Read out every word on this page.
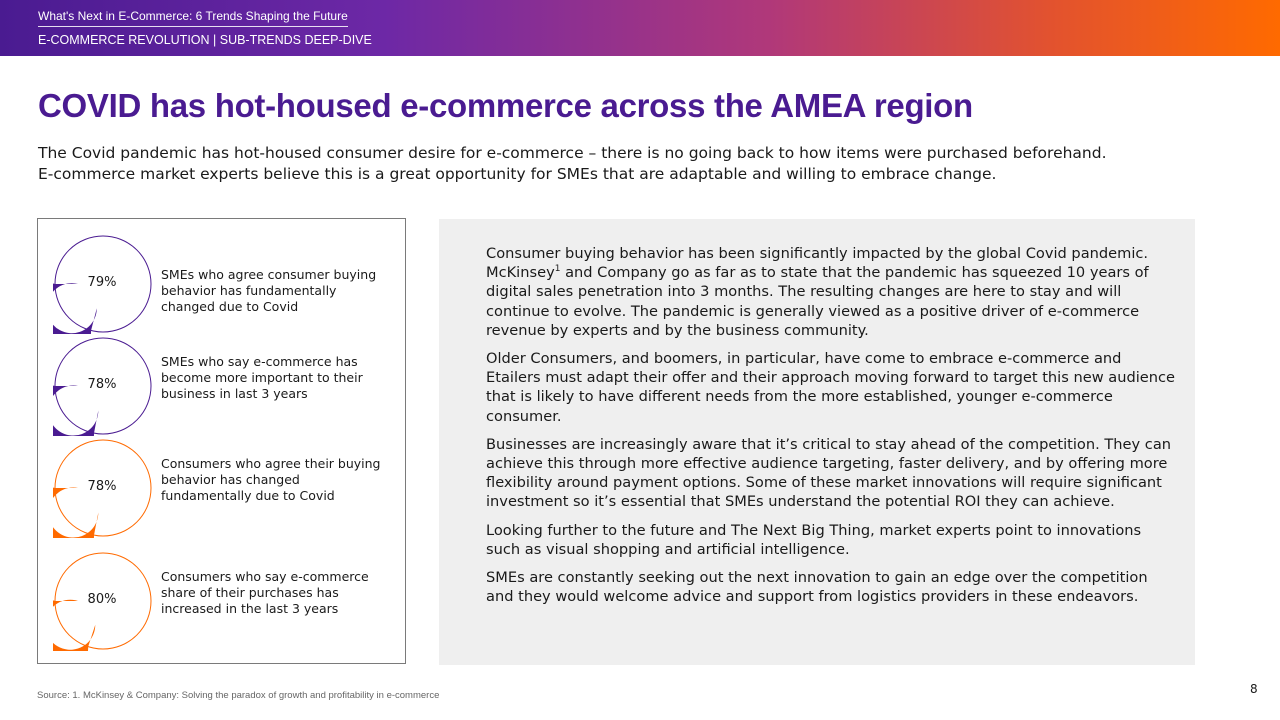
What's Next in E-Commerce: 6 Trends Shaping the Future
E-COMMERCE REVOLUTION | SUB-TRENDS DEEP-DIVE
COVID has hot-housed e-commerce across the AMEA region

The Covid pandemic has hot-housed consumer desire for e-commerce – there is no going back to how items were purchased beforehand.

E-commerce market experts believe this is a great opportunity for SMEs that are adaptable and willing to embrace change.

79%
SMEs who agree consumer buying behavior has fundamentally changed due to Covid
78%
SMEs who say e-commerce has become more important to their business in last 3 years
78%
Consumers who agree their buying behavior has changed fundamentally due to Covid
80%
Consumers who say e-commerce share of their purchases has increased in the last 3 years

Consumer buying behavior has been significantly impacted by the global Covid pandemic. McKinsey$^1$ and Company go as far as to state that the pandemic has squeezed 10 years of digital sales penetration into 3 months. The resulting changes are here to stay and will continue to evolve. The pandemic is generally viewed as a positive driver of e-commerce revenue by experts and by the business community.

Older Consumers, and boomers, in particular, have come to embrace e-commerce and Etailers must adapt their offer and their approach moving forward to target this new audience that is likely to have different needs from the more established, younger e-commerce consumer.

Businesses are increasingly aware that it’s critical to stay ahead of the competition. They can achieve this through more effective audience targeting, faster delivery, and by offering more flexibility around payment options. Some of these market innovations will require significant investment so it’s essential that SMEs understand the potential ROI they can achieve.

Looking further to the future and The Next Big Thing, market experts point to innovations such as visual shopping and artificial intelligence.

SMEs are constantly seeking out the next innovation to gain an edge over the competition and they would welcome advice and support from logistics providers in these endeavors.

Source: 1. McKinsey & Company: Solving the paradox of growth and profitability in e-commerce	8
